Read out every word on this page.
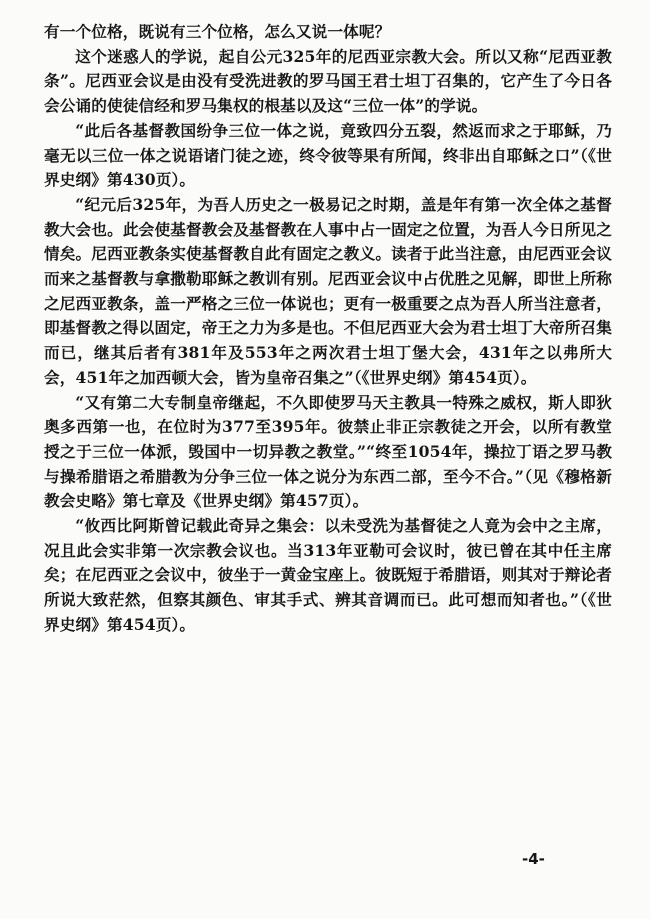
有一个位格，既说有三个位格，怎么又说一体呢？

这个迷惑人的学说，起自公元325年的尼西亚宗教大会。所以又称“尼西亚教条”。尼西亚会议是由没有受洗进教的罗马国王君士坦丁召集的，它产生了今日各会公诵的使徒信经和罗马集权的根基以及这“三位一体”的学说。

“此后各基督教国纷争三位一体之说，竟致四分五裂，然返而求之于耶稣，乃毫无以三位一体之说语诸门徒之迹，终令彼等果有所闻，终非出自耶稣之口”（《世界史纲》第430页）。

“纪元后325年，为吾人历史之一极易记之时期，盖是年有第一次全体之基督教大会也。此会使基督教会及基督教在人事中占一固定之位置，为吾人今日所见之情矣。尼西亚教条实使基督教自此有固定之教义。读者于此当注意，由尼西亚会议而来之基督教与拿撒勒耶稣之教训有别。尼西亚会议中占优胜之见解，即世上所称之尼西亚教条，盖一严格之三位一体说也；更有一极重要之点为吾人所当注意者，即基督教之得以固定，帝王之力为多是也。不但尼西亚大会为君士坦丁大帝所召集而已，继其后者有381年及553年之两次君士坦丁堡大会，431年之以弗所大会，451年之加西顿大会，皆为皇帝召集之”（《世界史纲》第454页）。

“又有第二大专制皇帝继起，不久即使罗马天主教具一特殊之威权，斯人即狄奥多西第一也，在位时为377至395年。彼禁止非正宗教徒之开会，以所有教堂授之于三位一体派，毁国中一切异教之教堂。”“终至1054年，操拉丁语之罗马教与操希腊语之希腊教为分争三位一体之说分为东西二部，至今不合。”（见《穆格新教会史略》第七章及《世界史纲》第457页）。

“攸西比阿斯曾记载此奇异之集会：以未受洗为基督徒之人竟为会中之主席，况且此会实非第一次宗教会议也。当313年亚勒可会议时，彼已曾在其中任主席矣；在尼西亚之会议中，彼坐于一黄金宝座上。彼既短于希腊语，则其对于辩论者所说大致茫然，但察其颜色、审其手式、辨其音调而已。此可想而知者也。”（《世界史纲》第454页）。

-4-
